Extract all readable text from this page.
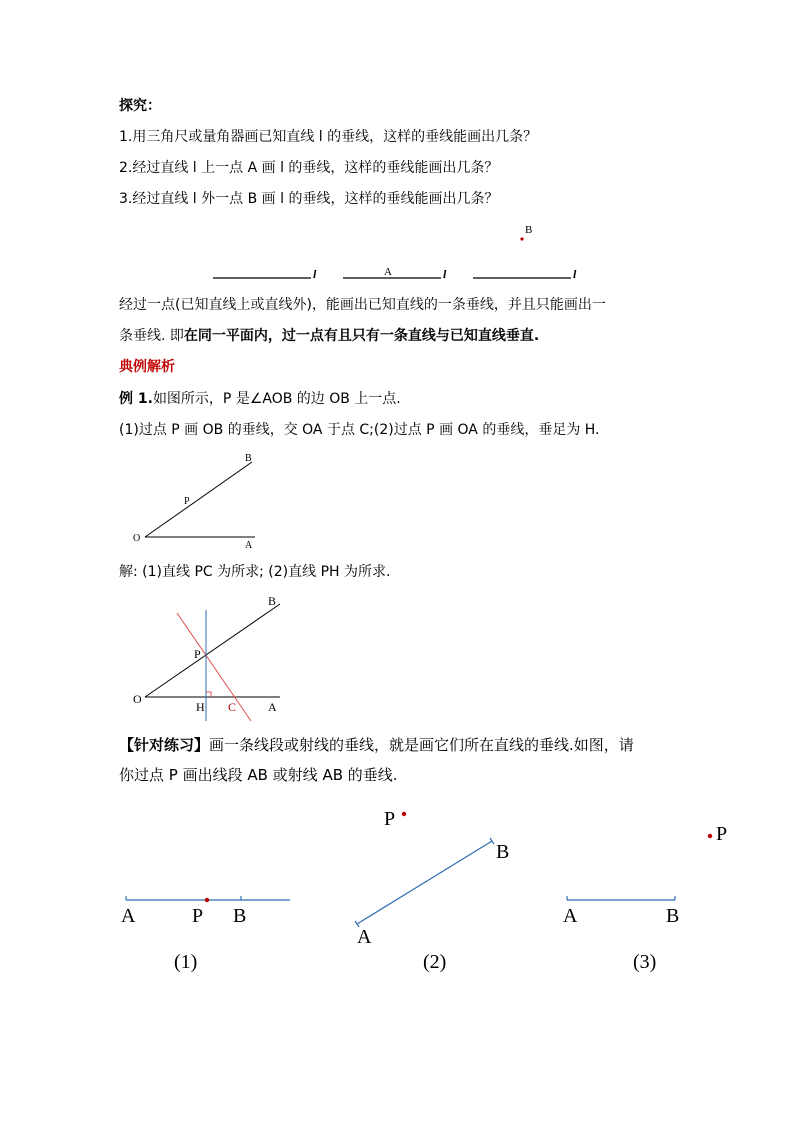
探究：
1.用三角尺或量角器画已知直线 l 的垂线，这样的垂线能画出几条？
2.经过直线 l 上一点 A 画 l 的垂线，这样的垂线能画出几条？
3.经过直线 l 外一点 B 画 l 的垂线，这样的垂线能画出几条？
B
l	A	l	l
经过一点(已知直线上或直线外)，能画出已知直线的一条垂线，并且只能画出一
条垂线. 即在同一平面内，过一点有且只有一条直线与已知直线垂直.
典例解析
例 1.如图所示，P 是∠AOB 的边 OB 上一点.
(1)过点 P 画 OB 的垂线，交 OA 于点 C;(2)过点 P 画 OA 的垂线，垂足为 H.
O
A
B
P
解: (1)直线 PC 为所求; (2)直线 PH 为所求.
O
A
B
P
H C
【针对练习】画一条线段或射线的垂线，就是画它们所在直线的垂线.如图，请
你过点 P 画出线段 AB 或射线 AB 的垂线.
A	P B
(1)
P
B
A
(2)
P
A	B
(3)
